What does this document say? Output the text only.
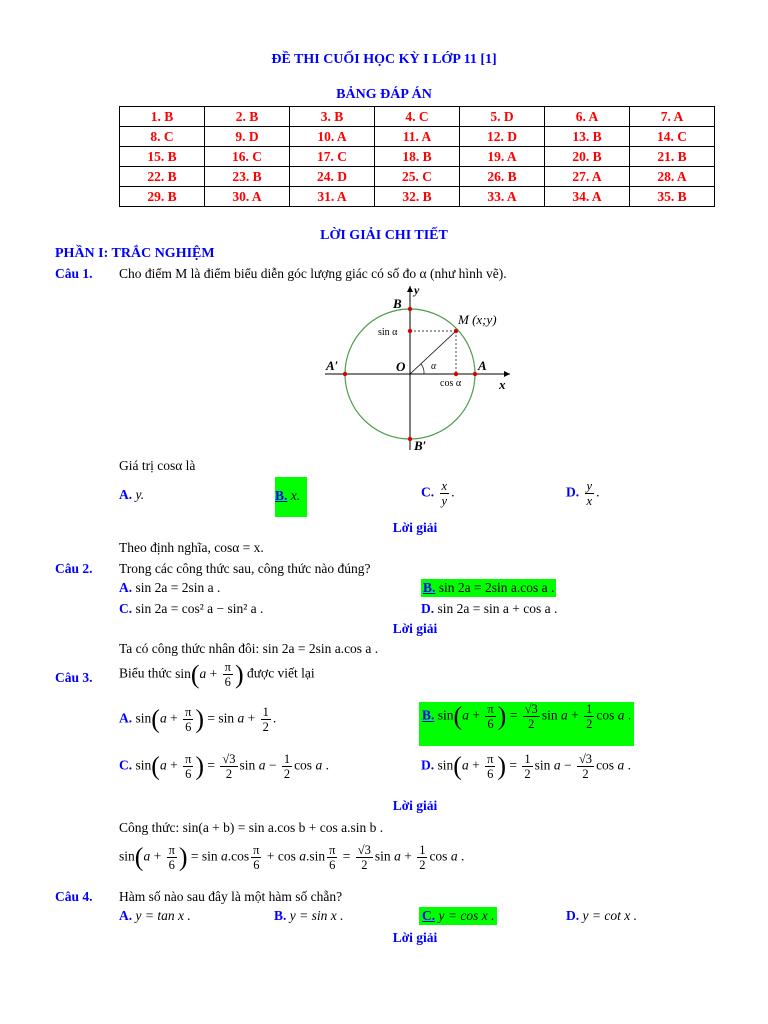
ĐỀ THI CUỐI HỌC KỲ I LỚP 11 [1]
BẢNG ĐÁP ÁN
1. B	2. B	3. B	4. C	5. D	6. A	7. A
8. C	9. D	10. A	11. A	12. D	13. B	14. C
15. B	16. C	17. C	18. B	19. A	20. B	21. B
22. B	23. B	24. D	25. C	26. B	27. A	28. A
29. B	30. A	31. A	32. B	33. A	34. A	35. B
LỜI GIẢI CHI TIẾT
PHẦN I: TRẮC NGHIỆM
Câu 1. Cho điểm M là điểm biểu diễn góc lượng giác có số đo α (như hình vẽ).
B
y
M (x;y)
sin α
A′	O	α	A
cos α	x
B′
Giá trị cosα là
A. y.	B. x.	C. $\frac{x}{y}$ .	D. $\frac{y}{x}$ .
Lời giải
Theo định nghĩa, cosα = x.
Câu 2. Trong các công thức sau, công thức nào đúng?
A. sin 2a = 2sin a .	B. sin 2a = 2sin a.cos a .
C. sin 2a = cos² a − sin² a .	D. sin 2a = sin a + cos a .
Lời giải
Ta có công thức nhân đôi: sin 2a = 2sin a.cos a .
Câu 3. Biểu thức $\sin(a + \frac{\pi}{6}$ ) được viết lại
A. $\sin(a + \frac{\pi}{6}$ ) = $\sin a + \frac{1}{2}$ .	B. $\sin(a + \frac{\pi}{6}$ ) = $\frac{√3}{2}$ $\sin a + \frac{1}{2}$ cos a .
C. $\sin(a + \frac{\pi}{6}$ ) = $\frac{√3}{2}$ $\sin a - \frac{1}{2}$ cos a .	D. $\sin(a + \frac{\pi}{6}$ ) = $\frac{1}{2}$ $\sin a - \frac{√3}{2}$ cos a .
Lời giải
Công thức: sin(a + b) = sin a.cos b + cos a.sin b .
$\sin(a + \frac{\pi}{6}$ ) = $\sin a.\cos \frac{\pi}{6} + \cos a.\sin \frac{\pi}{6} = \frac{√3}{2}$ $\sin a + \frac{1}{2}$ cos a .
Câu 4. Hàm số nào sau đây là một hàm số chẵn?
A. y = tan x .	B. y = sin x .	C. y = cos x .	D. y = cot x .
Lời giải
